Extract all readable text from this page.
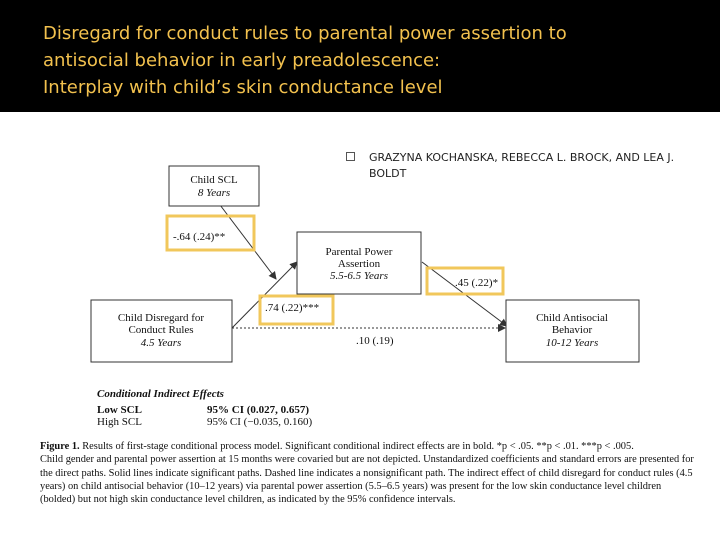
Disregard for conduct rules to parental power assertion to
antisocial behavior in early preadolescence:
Interplay with child’s skin conductance level
Child SCL
8 Years
Parental Power
Assertion
5.5-6.5 Years
Child Disregard for
Conduct Rules
4.5 Years
Child Antisocial
Behavior
10-12 Years
-.64 (.24)**
.74 (.22)***
.45 (.22)*
.10 (.19)
GRAZYNA KOCHANSKA, REBECCA L. BROCK, AND LEA J.
BOLDT
Conditional Indirect Effects
Low SCL	95% CI (0.027, 0.657)
High SCL	95% CI (−0.035, 0.160)
Figure 1. Results of first-stage conditional process model. Significant conditional indirect effects are in bold. *p < .05. **p < .01. ***p < .005.
Child gender and parental power assertion at 15 months were covaried but are not depicted. Unstandardized coefficients and standard errors are presented for the direct paths. Solid lines indicate significant paths. Dashed line indicates a nonsignificant path. The indirect effect of child disregard for conduct rules (4.5 years) on child antisocial behavior (10–12 years) via parental power assertion (5.5–6.5 years) was present for the low skin conductance level children (bolded) but not high skin conductance level children, as indicated by the 95% confidence intervals.
